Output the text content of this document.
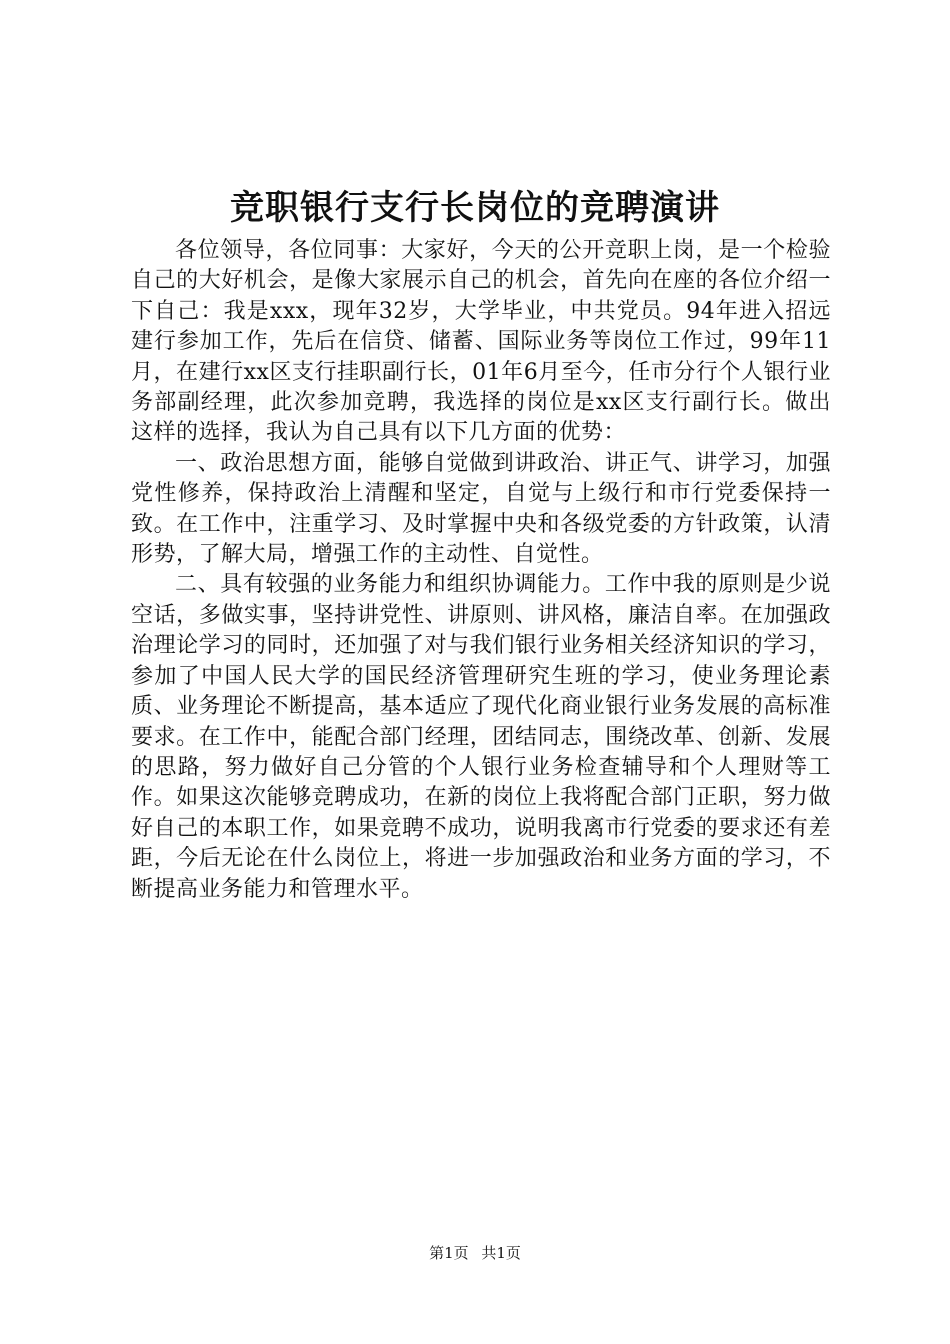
竞职银行支行长岗位的竞聘演讲

各位领导，各位同事：大家好，今天的公开竞职上岗，是一个检验自己的大好机会，是像大家展示自己的机会，首先向在座的各位介绍一下自己：我是xxx，现年32岁，大学毕业，中共党员。94年进入招远建行参加工作，先后在信贷、储蓄、国际业务等岗位工作过，99年11月，在建行xx区支行挂职副行长，01年6月至今，任市分行个人银行业务部副经理，此次参加竞聘，我选择的岗位是xx区支行副行长。做出这样的选择，我认为自己具有以下几方面的优势：

一、政治思想方面，能够自觉做到讲政治、讲正气、讲学习，加强党性修养，保持政治上清醒和坚定，自觉与上级行和市行党委保持一致。在工作中，注重学习、及时掌握中央和各级党委的方针政策，认清形势，了解大局，增强工作的主动性、自觉性。

二、具有较强的业务能力和组织协调能力。工作中我的原则是少说空话，多做实事，坚持讲党性、讲原则、讲风格，廉洁自率。在加强政治理论学习的同时，还加强了对与我们银行业务相关经济知识的学习，参加了中国人民大学的国民经济管理研究生班的学习，使业务理论素质、业务理论不断提高，基本适应了现代化商业银行业务发展的高标准要求。在工作中，能配合部门经理，团结同志，围绕改革、创新、发展的思路，努力做好自己分管的个人银行业务检查辅导和个人理财等工作。如果这次能够竞聘成功，在新的岗位上我将配合部门正职，努力做好自己的本职工作，如果竞聘不成功，说明我离市行党委的要求还有差距，今后无论在什么岗位上，将进一步加强政治和业务方面的学习，不断提高业务能力和管理水平。

第1页 共1页
